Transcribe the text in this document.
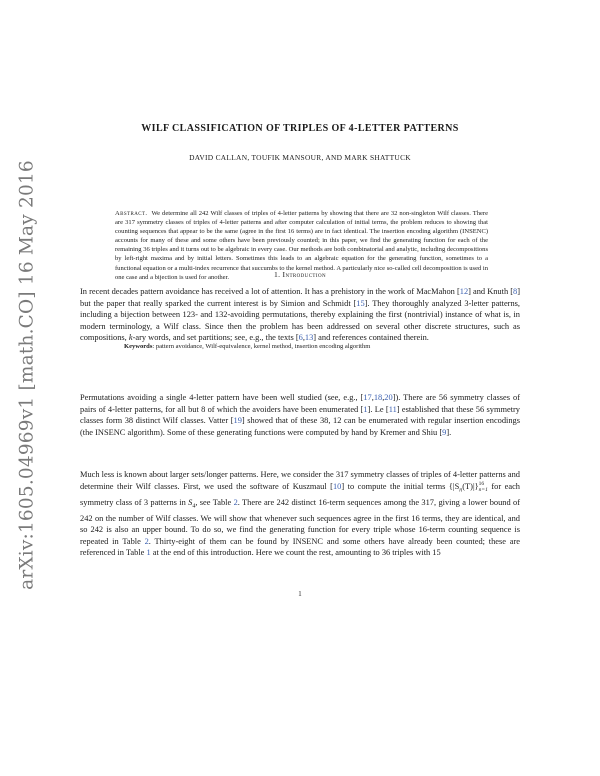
arXiv:1605.04969v1 [math.CO] 16 May 2016
WILF CLASSIFICATION OF TRIPLES OF 4-LETTER PATTERNS
DAVID CALLAN, TOUFIK MANSOUR, AND MARK SHATTUCK

Abstract. We determine all 242 Wilf classes of triples of 4-letter patterns by showing that there are 32 non-singleton Wilf classes. There are 317 symmetry classes of triples of 4-letter patterns and after computer calculation of initial terms, the problem reduces to showing that counting sequences that appear to be the same (agree in the first 16 terms) are in fact identical. The insertion encoding algorithm (INSENC) accounts for many of these and some others have been previously counted; in this paper, we find the generating function for each of the remaining 36 triples and it turns out to be algebraic in every case. Our methods are both combinatorial and analytic, including decompositions by left-right maxima and by initial letters. Sometimes this leads to an algebraic equation for the generating function, sometimes to a functional equation or a multi-index recurrence that succumbs to the kernel method. A particularly nice so-called cell decomposition is used in one case and a bijection is used for another.

Keywords: pattern avoidance, Wilf-equivalence, kernel method, insertion encoding algorithm

1. Introduction

In recent decades pattern avoidance has received a lot of attention. It has a prehistory in the work of MacMahon [12] and Knuth [8] but the paper that really sparked the current interest is by Simion and Schmidt [15]. They thoroughly analyzed 3-letter patterns, including a bijection between 123- and 132-avoiding permutations, thereby explaining the first (nontrivial) instance of what is, in modern terminology, a Wilf class. Since then the problem has been addressed on several other discrete structures, such as compositions, k-ary words, and set partitions; see, e.g., the texts [6,13] and references contained therein.

Permutations avoiding a single 4-letter pattern have been well studied (see, e.g., [17,18,20]). There are 56 symmetry classes of pairs of 4-letter patterns, for all but 8 of which the avoiders have been enumerated [1]. Le [11] established that these 56 symmetry classes form 38 distinct Wilf classes. Vatter [19] showed that of these 38, 12 can be enumerated with regular insertion encodings (the INSENC algorithm). Some of these generating functions were computed by hand by Kremer and Shiu [9].

Much less is known about larger sets/longer patterns. Here, we consider the 317 symmetry classes of triples of 4-letter patterns and determine their Wilf classes. First, we used the software of Kuszmaul [10] to compute the initial terms $\{|S_n(T)|\}$ 16
n=1 for each symmetry class of 3 patterns in $S_4$, see Table 2. There are 242 distinct 16-term sequences among the 317, giving a lower bound of 242 on the number of Wilf classes. We will show that whenever such sequences agree in the first 16 terms, they are identical, and so 242 is also an upper bound. To do so, we find the generating function for every triple whose 16-term counting sequence is repeated in Table 2. Thirty-eight of them can be found by INSENC and some others have already been counted; these are referenced in Table 1 at the end of this introduction. Here we count the rest, amounting to 36 triples with 15

1
